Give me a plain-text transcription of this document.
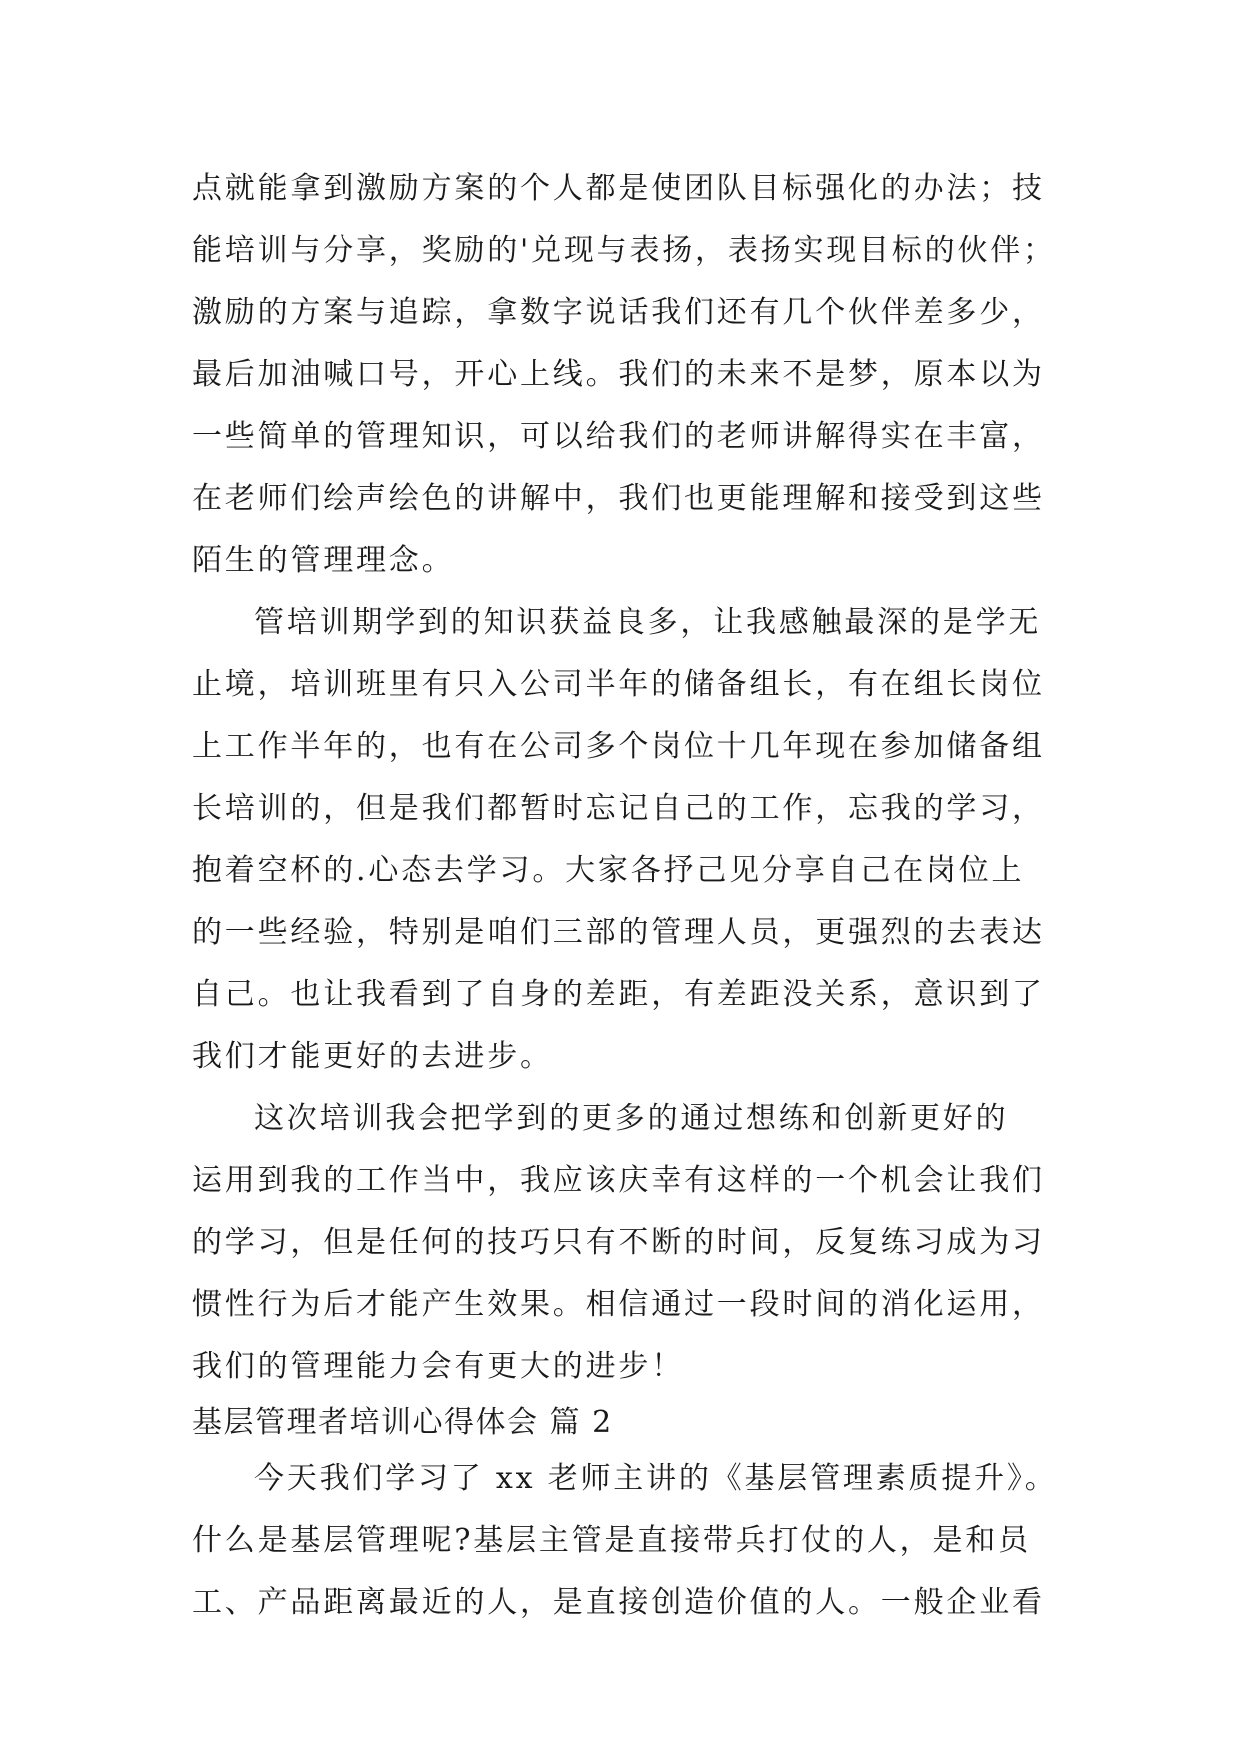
点就能拿到激励方案的个人都是使团队目标强化的办法；技
能培训与分享，奖励的'兑现与表扬，表扬实现目标的伙伴；
激励的方案与追踪，拿数字说话我们还有几个伙伴差多少，
最后加油喊口号，开心上线。我们的未来不是梦，原本以为
一些简单的管理知识，可以给我们的老师讲解得实在丰富，
在老师们绘声绘色的讲解中，我们也更能理解和接受到这些
陌生的管理理念。
管培训期学到的知识获益良多，让我感触最深的是学无
止境，培训班里有只入公司半年的储备组长，有在组长岗位
上工作半年的，也有在公司多个岗位十几年现在参加储备组
长培训的，但是我们都暂时忘记自己的工作，忘我的学习，
抱着空杯的.心态去学习。大家各抒己见分享自己在岗位上
的一些经验，特别是咱们三部的管理人员，更强烈的去表达
自己。也让我看到了自身的差距，有差距没关系，意识到了
我们才能更好的去进步。
这次培训我会把学到的更多的通过想练和创新更好的
运用到我的工作当中，我应该庆幸有这样的一个机会让我们
的学习，但是任何的技巧只有不断的时间，反复练习成为习
惯性行为后才能产生效果。相信通过一段时间的消化运用，
我们的管理能力会有更大的进步！
基层管理者培训心得体会 篇 2
今天我们学习了 xx 老师主讲的《基层管理素质提升》。
什么是基层管理呢?基层主管是直接带兵打仗的人，是和员
工、产品距离最近的人，是直接创造价值的人。一般企业看
